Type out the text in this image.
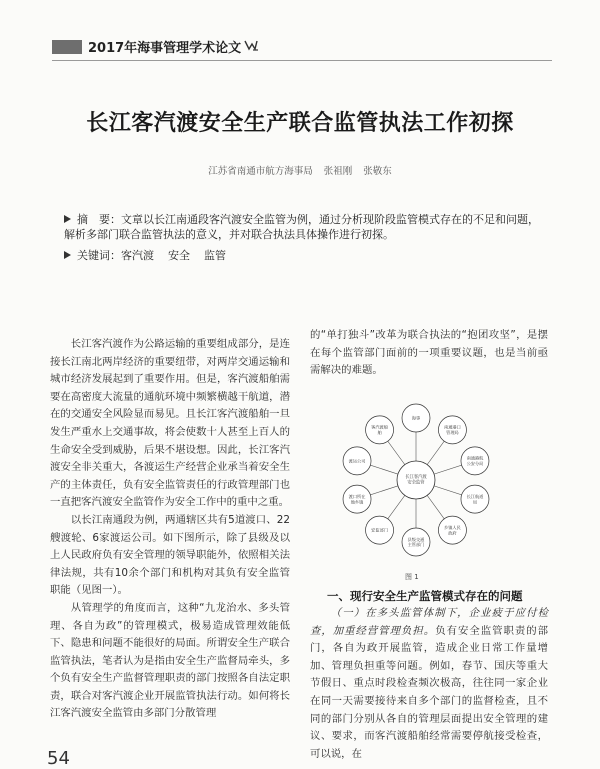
2017年海事管理学术论文
长江客汽渡安全生产联合监管执法工作初探
江苏省南通市航方海事局 张祖刚 张敬东
摘　要：文章以长江南通段客汽渡安全监管为例，通过分析现阶段监管模式存在的不足和问题，解析多部门联合监管执法的意义，并对联合执法具体操作进行初探。
关键词：客汽渡 安全 监管

长江客汽渡作为公路运输的重要组成部分，是连接长江南北两岸经济的重要纽带，对两岸交通运输和城市经济发展起到了重要作用。但是，客汽渡船舶需要在高密度大流量的通航环境中频繁横越干航道，潜在的交通安全风险显而易见。且长江客汽渡船舶一旦发生严重水上交通事故，将会使数十人甚至上百人的生命安全受到威胁，后果不堪设想。因此，长江客汽渡安全非关重大，各渡运生产经营企业承当着安全生产的主体责任，负有安全监管责任的行政管理部门也一直把客汽渡安全监管作为安全工作中的重中之重。

以长江南通段为例，两通辖区共有5道渡口、22艘渡轮、6家渡运公司。如下图所示，除了县级及以上人民政府负有安全管理的领导职能外，依照相关法律法规，共有10余个部门和机构对其负有安全监管职能（见图一）。

从管理学的角度而言，这种“九龙治水、多头管理、各自为政”的管理模式，极易造成管理效能低下、隐患和问题不能很好的局面。所谓安全生产联合监管执法，笔者认为是指由安全生产监督局牵头，多个负有安全生产监督管理职责的部门按照各自法定职责，联合对客汽渡企业开展监管执法行动。如何将长江客汽渡安全监管由多部门分散管理

的“单打独斗”改革为联合执法的“抱团攻坚”，是摆在每个监管部门面前的一项重要议题，也是当前亟需解决的难题。

海事
南通港口管理局
南通港航公安分局
长江航道局
乡镇人民政府
县级交通主管部门
安监部门
渡口所在地乡镇
渡运公司
客汽渡船舶
长江客汽渡安全监管
图 1
一、现行安全生产监管模式存在的问题

（一）在多头监管体制下，企业疲于应付检查，加重经营管理负担。负有安全监管职责的部门，各自为政开展监管，造成企业日常工作量增加、管理负担重等问题。例如，春节、国庆等重大节假日、重点时段检查频次极高，往往同一家企业在同一天需要接待来自多个部门的监督检查，且不同的部门分别从各自的管理层面提出安全管理的建议、要求，而客汽渡船舶经常需要停航接受检查，可以说，在

54
